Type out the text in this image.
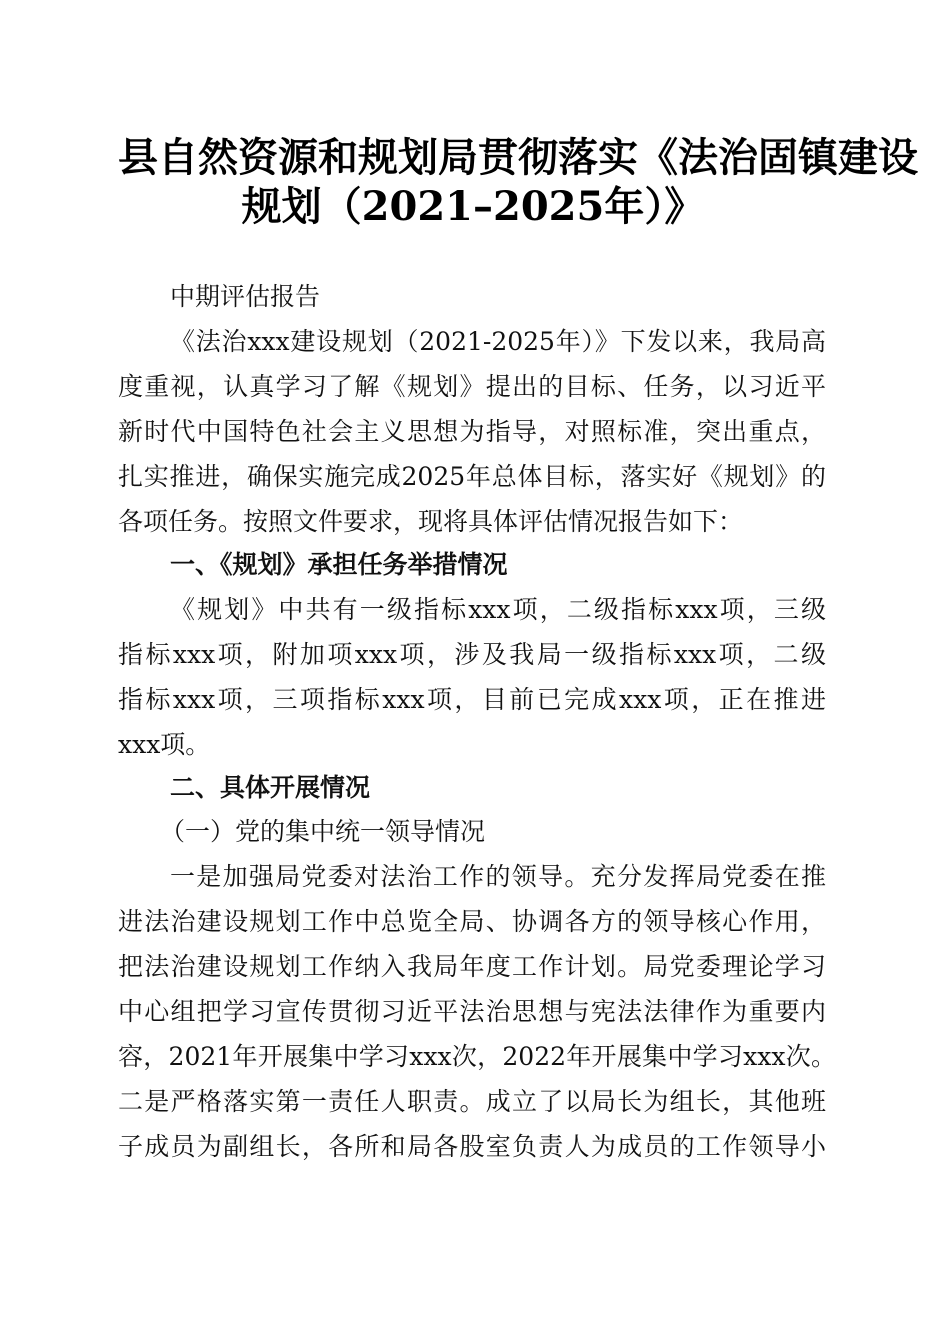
县自然资源和规划局贯彻落实《法治固镇建设
规划（2021–2025年）》
中期评估报告
《法治xxx建设规划（2021-2025年）》下发以来，我局高
度重视，认真学习了解《规划》提出的目标、任务，以习近平
新时代中国特色社会主义思想为指导，对照标准，突出重点，
扎实推进，确保实施完成2025年总体目标，落实好《规划》的
各项任务。按照文件要求，现将具体评估情况报告如下：
一、《规划》承担任务举措情况
《规划》中共有一级指标xxx项，二级指标xxx项，三级
指标xxx项，附加项xxx项，涉及我局一级指标xxx项，二级
指标xxx项，三项指标xxx项，目前已完成xxx项，正在推进
xxx项。
二、具体开展情况
（一）党的集中统一领导情况
一是加强局党委对法治工作的领导。充分发挥局党委在推
进法治建设规划工作中总览全局、协调各方的领导核心作用，
把法治建设规划工作纳入我局年度工作计划。局党委理论学习
中心组把学习宣传贯彻习近平法治思想与宪法法律作为重要内
容，2021年开展集中学习xxx次，2022年开展集中学习xxx次。
二是严格落实第一责任人职责。成立了以局长为组长，其他班
子成员为副组长，各所和局各股室负责人为成员的工作领导小
